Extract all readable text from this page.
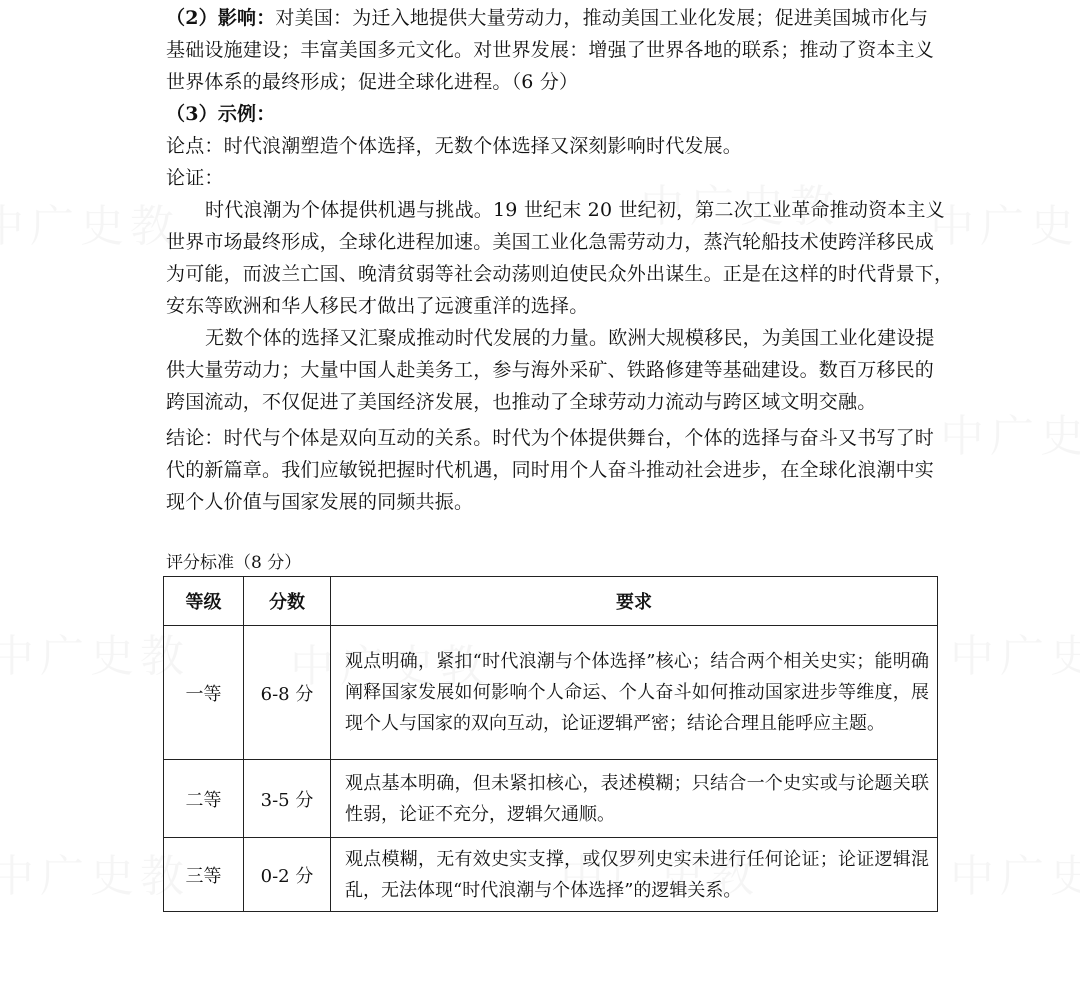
（2）影响：对美国：为迁入地提供大量劳动力，推动美国工业化发展；促进美国城市化与
基础设施建设；丰富美国多元文化。对世界发展：增强了世界各地的联系；推动了资本主义
世界体系的最终形成；促进全球化进程。（6 分）
（3）示例：
论点：时代浪潮塑造个体选择，无数个体选择又深刻影响时代发展。
论证：
时代浪潮为个体提供机遇与挑战。19 世纪末 20 世纪初，第二次工业革命推动资本主义
世界市场最终形成，全球化进程加速。美国工业化急需劳动力，蒸汽轮船技术使跨洋移民成
为可能，而波兰亡国、晚清贫弱等社会动荡则迫使民众外出谋生。正是在这样的时代背景下，
安东等欧洲和华人移民才做出了远渡重洋的选择。
无数个体的选择又汇聚成推动时代发展的力量。欧洲大规模移民，为美国工业化建设提
供大量劳动力；大量中国人赴美务工，参与海外采矿、铁路修建等基础建设。数百万移民的
跨国流动，不仅促进了美国经济发展，也推动了全球劳动力流动与跨区域文明交融。
结论：时代与个体是双向互动的关系。时代为个体提供舞台，个体的选择与奋斗又书写了时
代的新篇章。我们应敏锐把握时代机遇，同时用个人奋斗推动社会进步，在全球化浪潮中实
现个人价值与国家发展的同频共振。
评分标准（8 分）
等级	分数	要求
一等	6-8 分	观点明确，紧扣“时代浪潮与个体选择”核心；结合两个相关史实；能明确阐释国家发展如何影响个人命运、个人奋斗如何推动国家进步等维度，展现个人与国家的双向互动，论证逻辑严密；结论合理且能呼应主题。
二等	3-5 分	观点基本明确，但未紧扣核心，表述模糊；只结合一个史实或与论题关联性弱，论证不充分，逻辑欠通顺。
三等	0-2 分	观点模糊，无有效史实支撑，或仅罗列史实未进行任何论证；论证逻辑混乱，无法体现“时代浪潮与个体选择”的逻辑关系。
